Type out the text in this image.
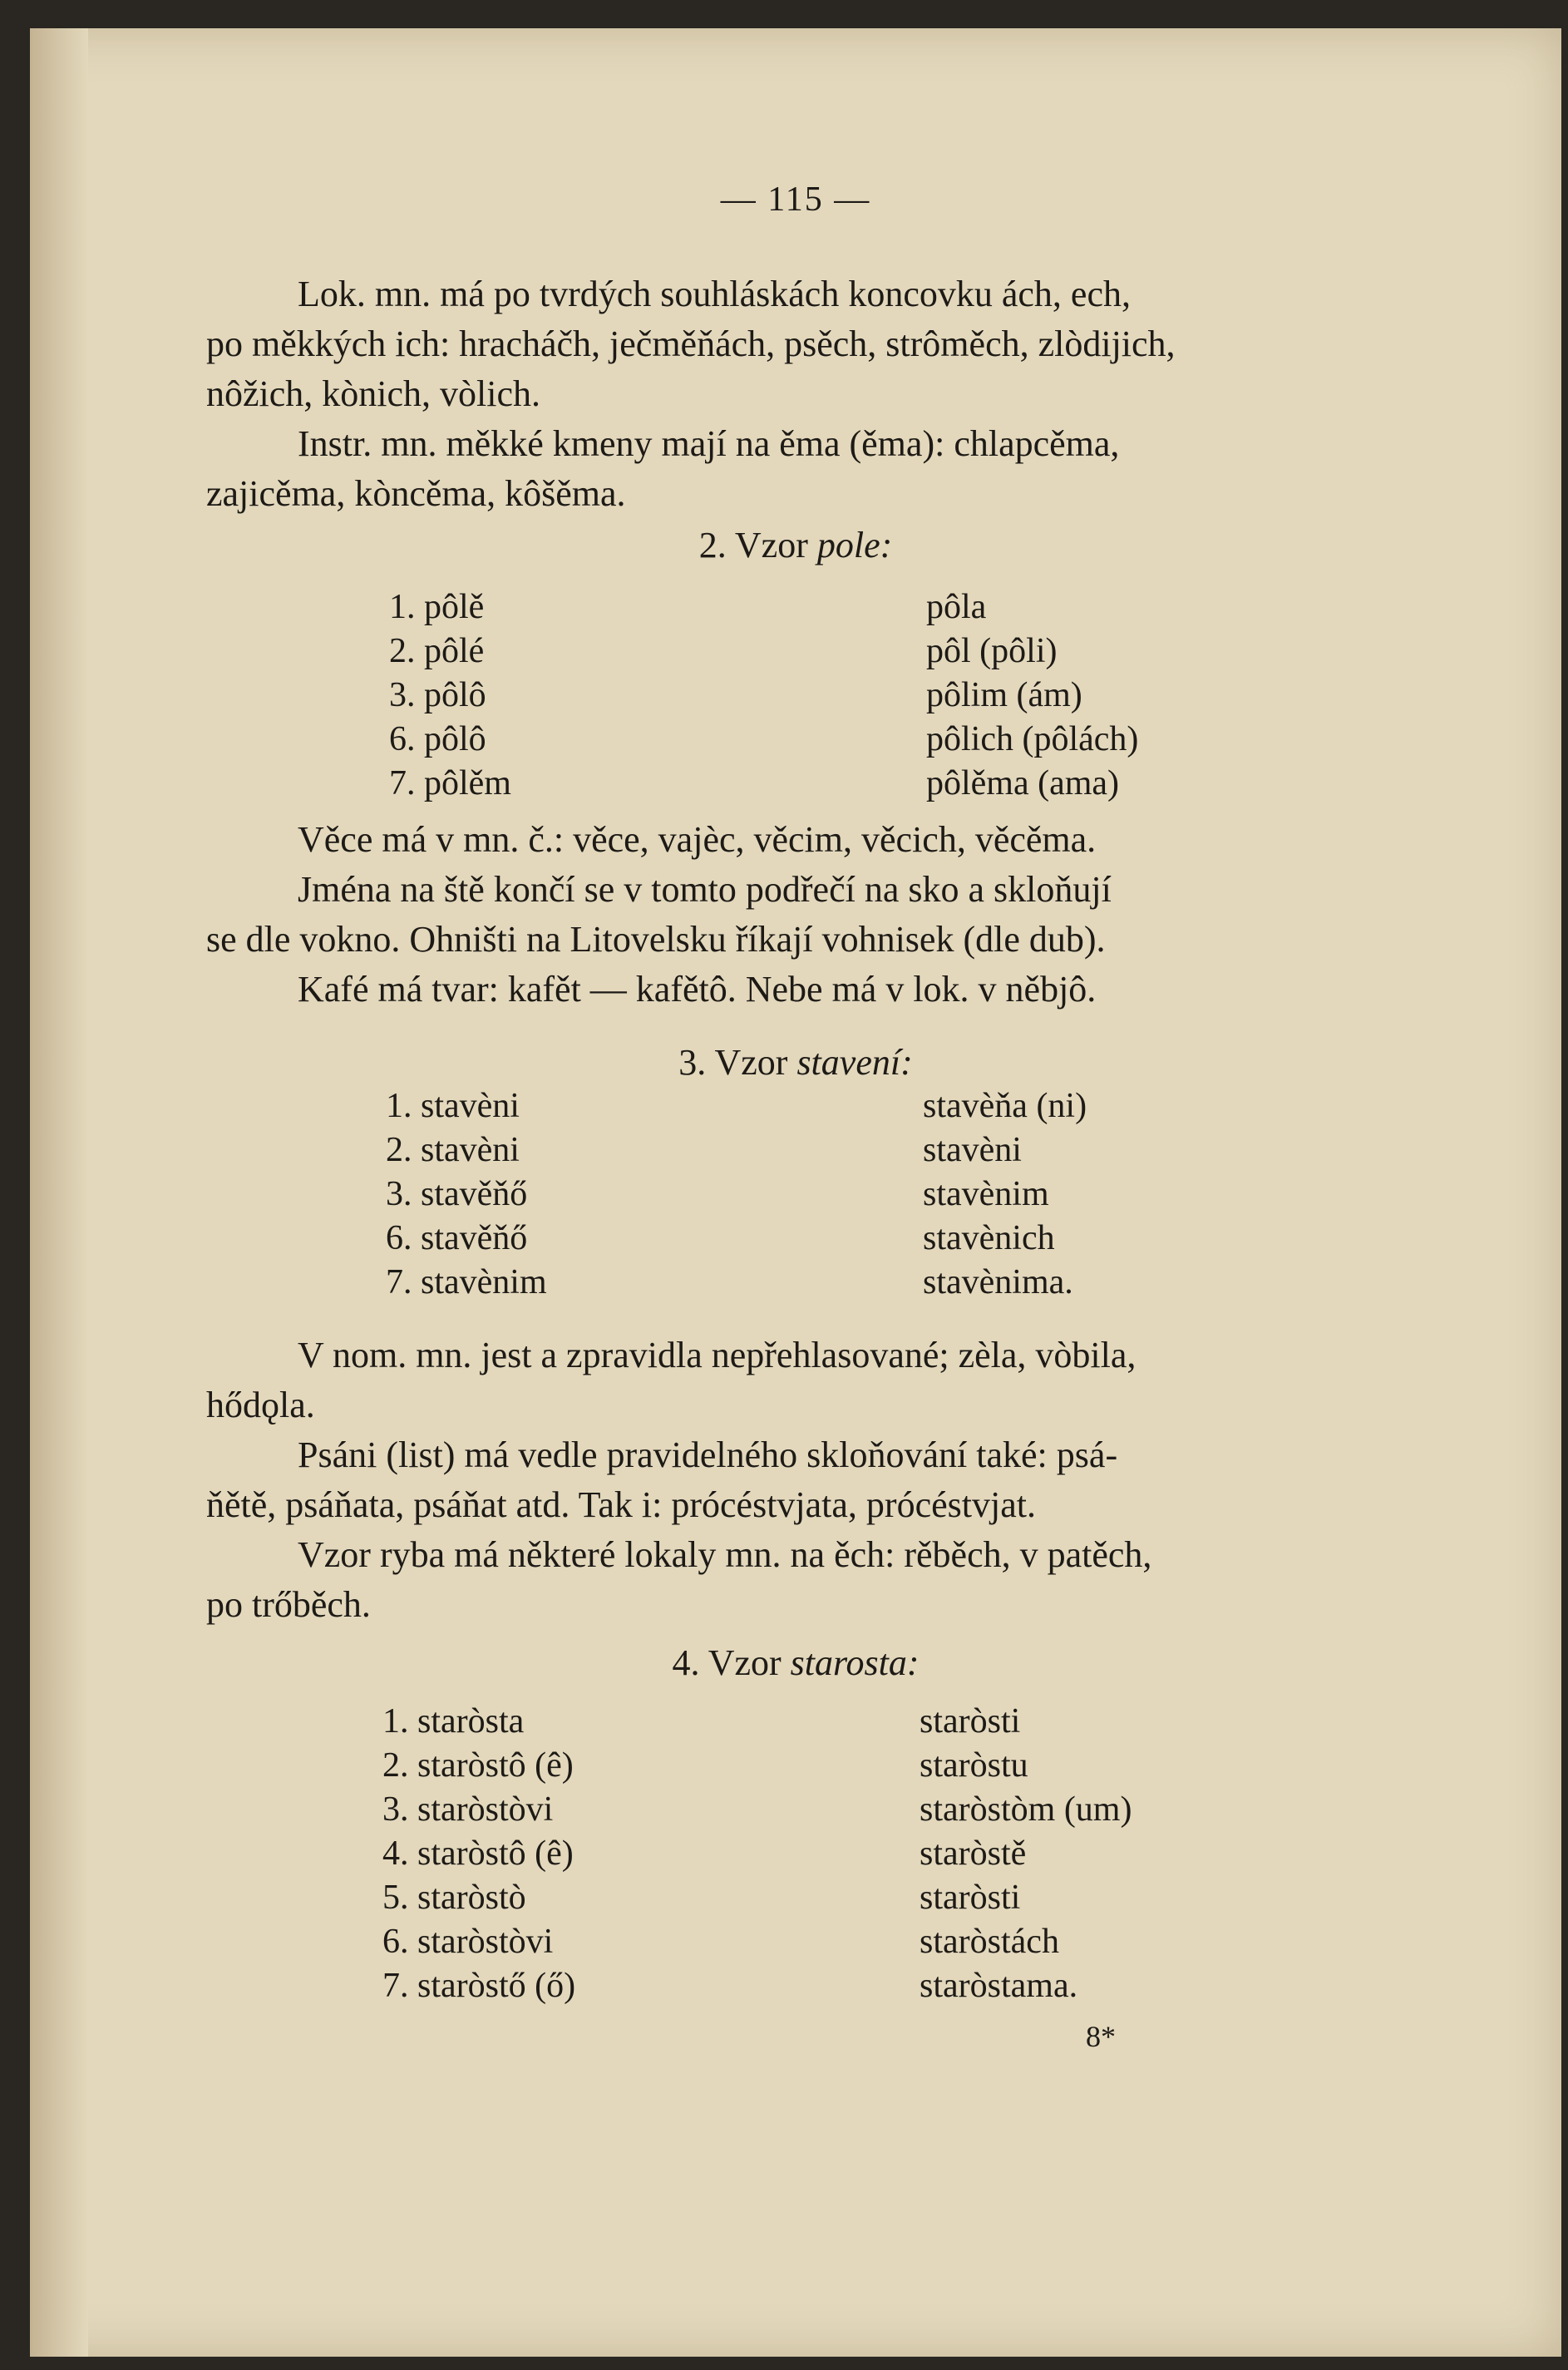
— 115 —
Lok. mn. má po tvrdých souhláskách koncovku ách, ech,
po měkkých ich: hracháčh, ječměňách, psěch, strôměch, zlòdijich,
nôžich, kònich, vòlich.
Instr. mn. měkké kmeny mají na ěma (ěma): chlapcěma,
zajicěma, kòncěma, kôšěma.
2. Vzor pole:
1. pôlě	pôla
2. pôlé	pôl (pôli)
3. pôlô	pôlim (ám)
6. pôlô	pôlich (pôlách)
7. pôlěm	pôlěma (ama)
Věce má v mn. č.: věce, vajèc, věcim, věcich, věcěma.
Jména na ště končí se v tomto podřečí na sko a skloňují
se dle vokno. Ohništi na Litovelsku říkají vohnisek (dle dub).
Kafé má tvar: kafět — kafětô. Nebe má v lok. v něbjô.
3. Vzor stavení:
1. stavèni	stavèňa (ni)
2. stavèni	stavèni
3. stavěňő	stavènim
6. stavěňő	stavènich
7. stavènim	stavènima.
V nom. mn. jest a zpravidla nepřehlasované; zèla, vòbila,
hődǫla.
Psáni (list) má vedle pravidelného skloňování také: psá-
ňětě, psáňata, psáňat atd. Tak i: prócéstvjata, prócéstvjat.
Vzor ryba má některé lokaly mn. na ěch: rěběch, v patěch,
po trőběch.
4. Vzor starosta:
1. staròsta	staròsti
2. staròstô (ê)	staròstu
3. staròstòvi	staròstòm (um)
4. staròstô (ê)	staròstě
5. staròstò	staròsti
6. staròstòvi	staròstách
7. staròstő (ő)	staròstama.
8*
